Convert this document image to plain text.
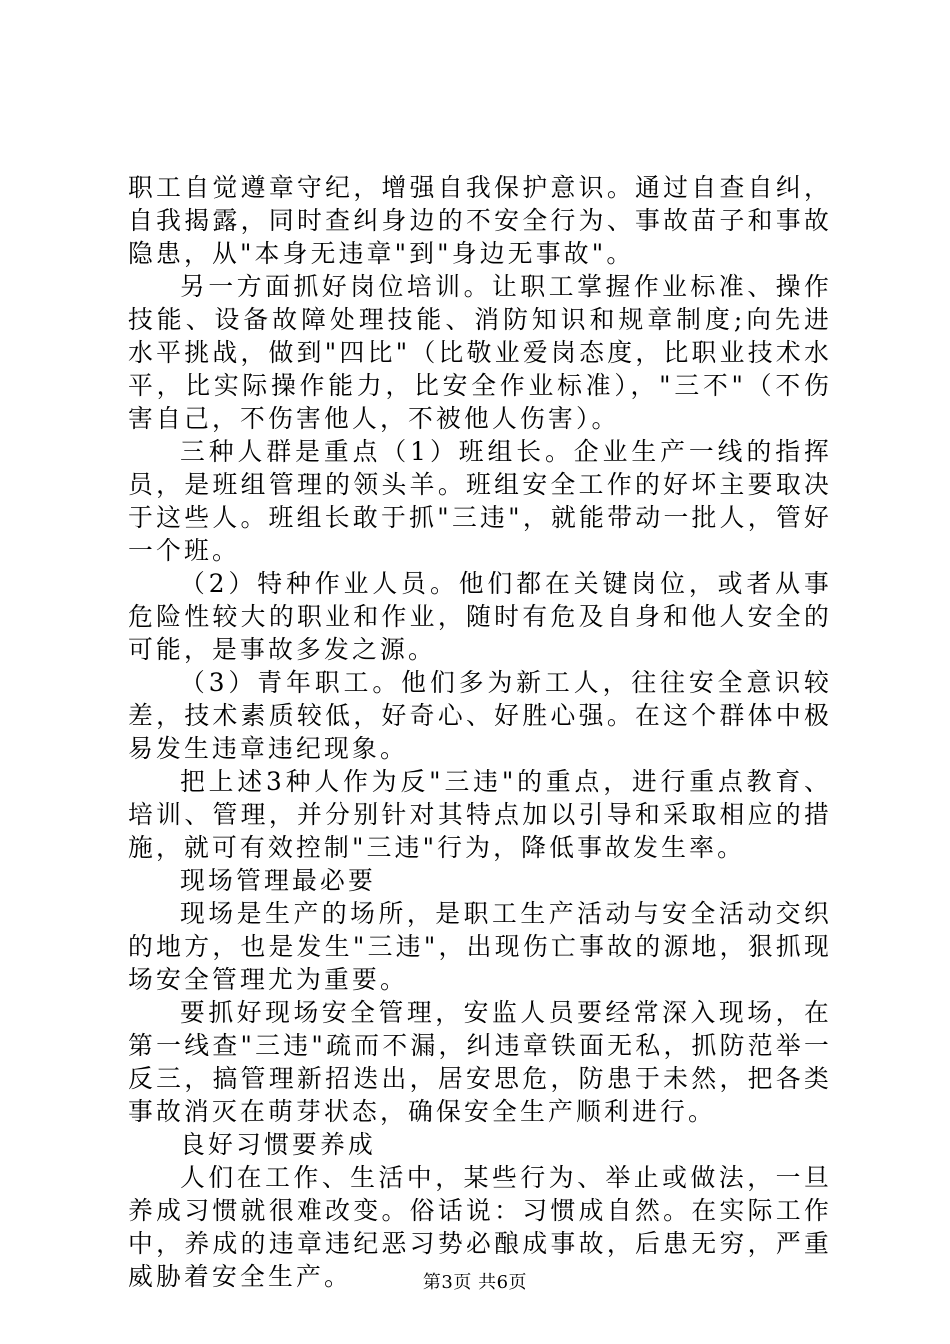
职工自觉遵章守纪，增强自我保护意识。通过自查自纠，自我揭露，同时查纠身边的不安全行为、事故苗子和事故隐患，从"本身无违章"到"身边无事故"。

另一方面抓好岗位培训。让职工掌握作业标准、操作技能、设备故障处理技能、消防知识和规章制度;向先进水平挑战，做到"四比"（比敬业爱岗态度，比职业技术水平，比实际操作能力，比安全作业标准），"三不"（不伤害自己，不伤害他人，不被他人伤害）。

三种人群是重点（1）班组长。企业生产一线的指挥员，是班组管理的领头羊。班组安全工作的好坏主要取决于这些人。班组长敢于抓"三违"，就能带动一批人，管好一个班。

（2）特种作业人员。他们都在关键岗位，或者从事危险性较大的职业和作业，随时有危及自身和他人安全的可能，是事故多发之源。

（3）青年职工。他们多为新工人，往往安全意识较差，技术素质较低，好奇心、好胜心强。在这个群体中极易发生违章违纪现象。

把上述3种人作为反"三违"的重点，进行重点教育、培训、管理，并分别针对其特点加以引导和采取相应的措施，就可有效控制"三违"行为，降低事故发生率。

现场管理最必要

现场是生产的场所，是职工生产活动与安全活动交织的地方，也是发生"三违"，出现伤亡事故的源地，狠抓现场安全管理尤为重要。

要抓好现场安全管理，安监人员要经常深入现场，在第一线查"三违"疏而不漏，纠违章铁面无私，抓防范举一反三，搞管理新招迭出，居安思危，防患于未然，把各类事故消灭在萌芽状态，确保安全生产顺利进行。

良好习惯要养成

人们在工作、生活中，某些行为、举止或做法，一旦养成习惯就很难改变。俗话说：习惯成自然。在实际工作中，养成的违章违纪恶习势必酿成事故，后患无穷，严重威胁着安全生产。	第3页 共6页
